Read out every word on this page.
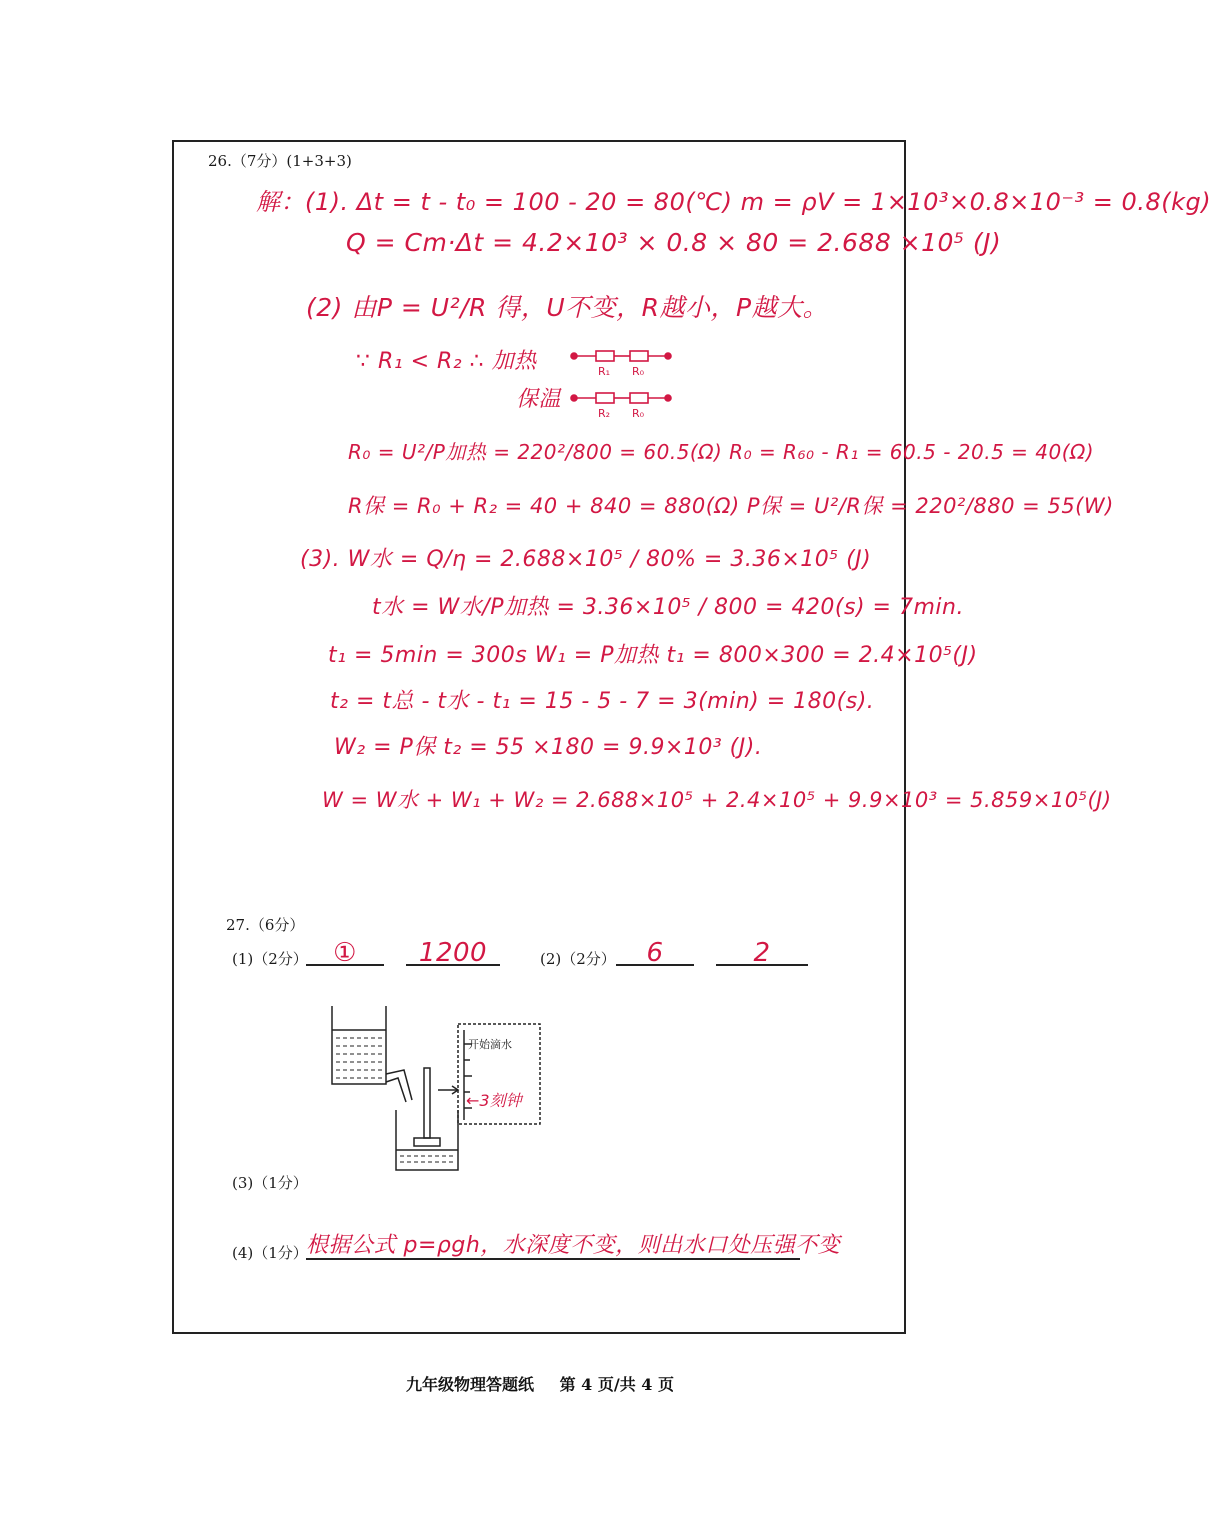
26.（7分）(1+3+3)
解：(1). Δt = t - t₀ = 100 - 20 = 80(℃) m = ρV = 1×10³×0.8×10⁻³ = 0.8(kg)
Q = Cm·Δt = 4.2×10³ × 0.8 × 80 = 2.688 ×10⁵ (J)
(2) 由P = U²/R 得，U不变，R越小，P越大。
∵ R₁ < R₂ ∴ 加热
保温
R₁ R₀
R₂ R₀
R₀ = U²/P加热 = 220²/800 = 60.5(Ω) R₀ = R₆₀ - R₁ = 60.5 - 20.5 = 40(Ω)
R保 = R₀ + R₂ = 40 + 840 = 880(Ω) P保 = U²/R保 = 220²/880 = 55(W)
(3). W水 = Q/η = 2.688×10⁵ / 80% = 3.36×10⁵ (J)
t水 = W水/P加热 = 3.36×10⁵ / 800 = 420(s) = 7min.
t₁ = 5min = 300s W₁ = P加热 t₁ = 800×300 = 2.4×10⁵(J)
t₂ = t总 - t水 - t₁ = 15 - 5 - 7 = 3(min) = 180(s).
W₂ = P保 t₂ = 55 ×180 = 9.9×10³ (J).
W = W水 + W₁ + W₂ = 2.688×10⁵ + 2.4×10⁵ + 9.9×10³ = 5.859×10⁵(J)
27.（6分）
(1)（2分） ①	1200	(2)（2分）	6	2
开始滴水
←3刻钟
(3)（1分）
(4)（1分）
根据公式 p=ρgh，水深度不变，则出水口处压强不变
九年级物理答题纸 第 4 页/共 4 页
